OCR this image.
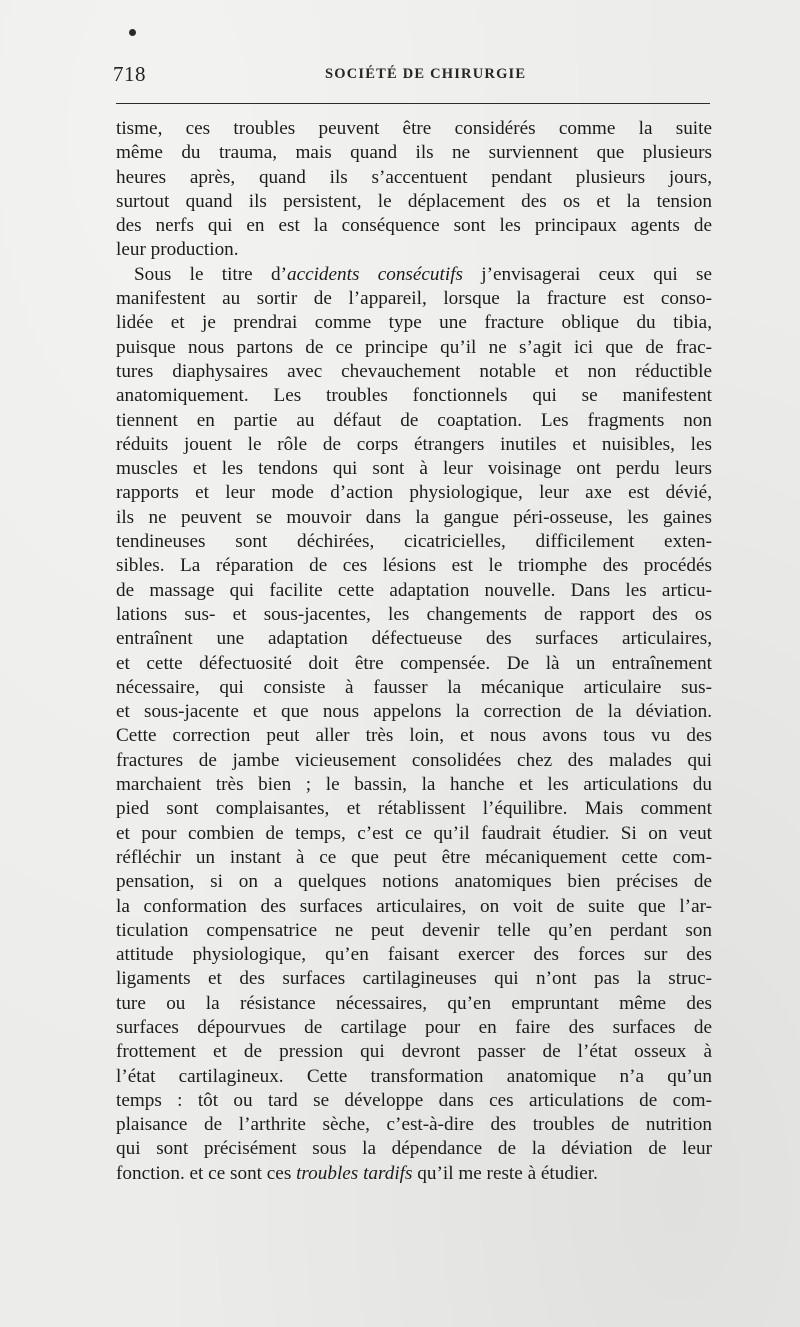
718	SOCIÉTÉ DE CHIRURGIE
tisme, ces troubles peuvent être considérés comme la suite
même du trauma, mais quand ils ne surviennent que plusieurs
heures après, quand ils s’accentuent pendant plusieurs jours,
surtout quand ils persistent, le déplacement des os et la tension
des nerfs qui en est la conséquence sont les principaux agents de
leur production.
Sous le titre d’accidents consécutifs j’envisagerai ceux qui se
manifestent au sortir de l’appareil, lorsque la fracture est conso-
lidée et je prendrai comme type une fracture oblique du tibia,
puisque nous partons de ce principe qu’il ne s’agit ici que de frac-
tures diaphysaires avec chevauchement notable et non réductible
anatomiquement. Les troubles fonctionnels qui se manifestent
tiennent en partie au défaut de coaptation. Les fragments non
réduits jouent le rôle de corps étrangers inutiles et nuisibles, les
muscles et les tendons qui sont à leur voisinage ont perdu leurs
rapports et leur mode d’action physiologique, leur axe est dévié,
ils ne peuvent se mouvoir dans la gangue péri-osseuse, les gaines
tendineuses sont déchirées, cicatricielles, difficilement exten-
sibles. La réparation de ces lésions est le triomphe des procédés
de massage qui facilite cette adaptation nouvelle. Dans les articu-
lations sus- et sous-jacentes, les changements de rapport des os
entraînent une adaptation défectueuse des surfaces articulaires,
et cette défectuosité doit être compensée. De là un entraînement
nécessaire, qui consiste à fausser la mécanique articulaire sus-
et sous-jacente et que nous appelons la correction de la déviation.
Cette correction peut aller très loin, et nous avons tous vu des
fractures de jambe vicieusement consolidées chez des malades qui
marchaient très bien ; le bassin, la hanche et les articulations du
pied sont complaisantes, et rétablissent l’équilibre. Mais comment
et pour combien de temps, c’est ce qu’il faudrait étudier. Si on veut
réfléchir un instant à ce que peut être mécaniquement cette com-
pensation, si on a quelques notions anatomiques bien précises de
la conformation des surfaces articulaires, on voit de suite que l’ar-
ticulation compensatrice ne peut devenir telle qu’en perdant son
attitude physiologique, qu’en faisant exercer des forces sur des
ligaments et des surfaces cartilagineuses qui n’ont pas la struc-
ture ou la résistance nécessaires, qu’en empruntant même des
surfaces dépourvues de cartilage pour en faire des surfaces de
frottement et de pression qui devront passer de l’état osseux à
l’état cartilagineux. Cette transformation anatomique n’a qu’un
temps : tôt ou tard se développe dans ces articulations de com-
plaisance de l’arthrite sèche, c’est-à-dire des troubles de nutrition
qui sont précisément sous la dépendance de la déviation de leur
fonction. et ce sont ces troubles tardifs qu’il me reste à étudier.
